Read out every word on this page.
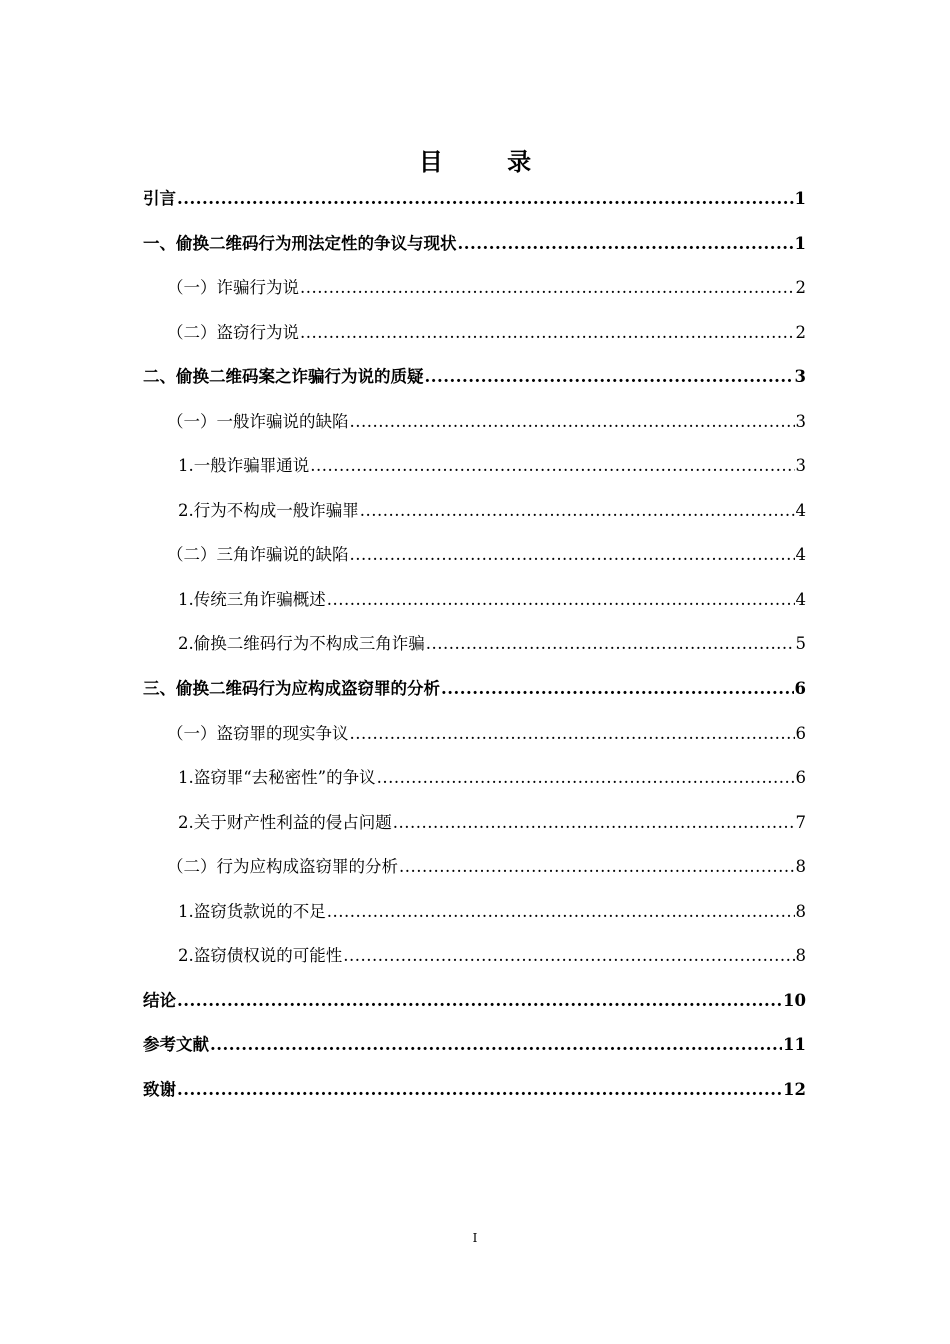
目 录
引言 .....	1
一、偷换二维码行为刑法定性的争议与现状 .....	1
（一）诈骗行为说 .....	2
（二）盗窃行为说 .....	2
二、偷换二维码案之诈骗行为说的质疑 .....	3
（一）一般诈骗说的缺陷 .....	3
1.一般诈骗罪通说 .....	3
2.行为不构成一般诈骗罪 .....	4
（二）三角诈骗说的缺陷 .....	4
1.传统三角诈骗概述 .....	4
2.偷换二维码行为不构成三角诈骗 .....	5
三、偷换二维码行为应构成盗窃罪的分析 .....	6
（一）盗窃罪的现实争议 .....	6
1.盗窃罪“去秘密性”的争议 .....	6
2.关于财产性利益的侵占问题 .....	7
（二）行为应构成盗窃罪的分析 .....	8
1.盗窃货款说的不足 .....	8
2.盗窃债权说的可能性 .....	8
结论 .....	10
参考文献 .....	11
致谢 .....	12
I
